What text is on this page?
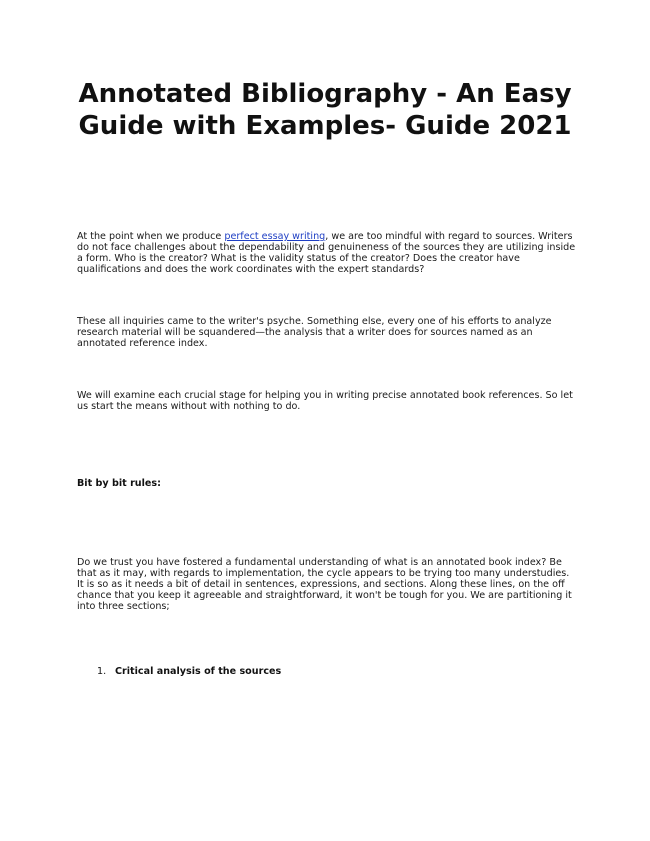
Annotated Bibliography - An Easy Guide with Examples- Guide 2021

At the point when we produce perfect essay writing, we are too mindful with regard to sources. Writers do not face challenges about the dependability and genuineness of the sources they are utilizing inside a form. Who is the creator? What is the validity status of the creator? Does the creator have qualifications and does the work coordinates with the expert standards?

These all inquiries came to the writer's psyche. Something else, every one of his efforts to analyze research material will be squandered—the analysis that a writer does for sources named as an annotated reference index.

We will examine each crucial stage for helping you in writing precise annotated book references. So let us start the means without with nothing to do.

Bit by bit rules:

Do we trust you have fostered a fundamental understanding of what is an annotated book index? Be that as it may, with regards to implementation, the cycle appears to be trying too many understudies. It is so as it needs a bit of detail in sentences, expressions, and sections. Along these lines, on the off chance that you keep it agreeable and straightforward, it won't be tough for you. We are partitioning it into three sections;

1. Critical analysis of the sources
